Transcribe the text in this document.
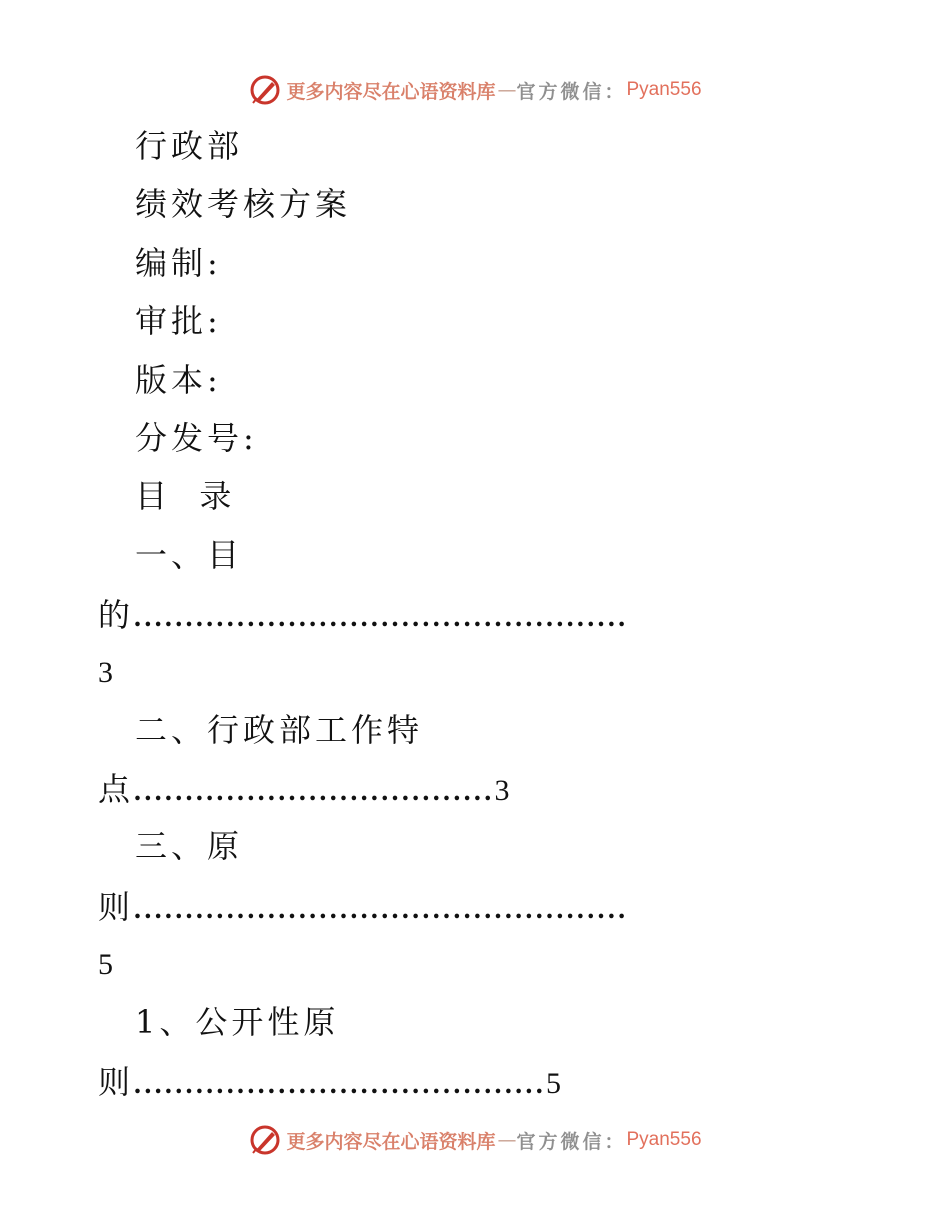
更多内容尽在心语资料库 — 官方微信： Pyan556
行政部
绩效考核方案
编制:
审批:
版本:
分发号:
目  录
一、目
的................................................
3
二、行政部工作特
点...................................3
三、原
则................................................
5
1、公开性原
则........................................5
更多内容尽在心语资料库 — 官方微信： Pyan556
